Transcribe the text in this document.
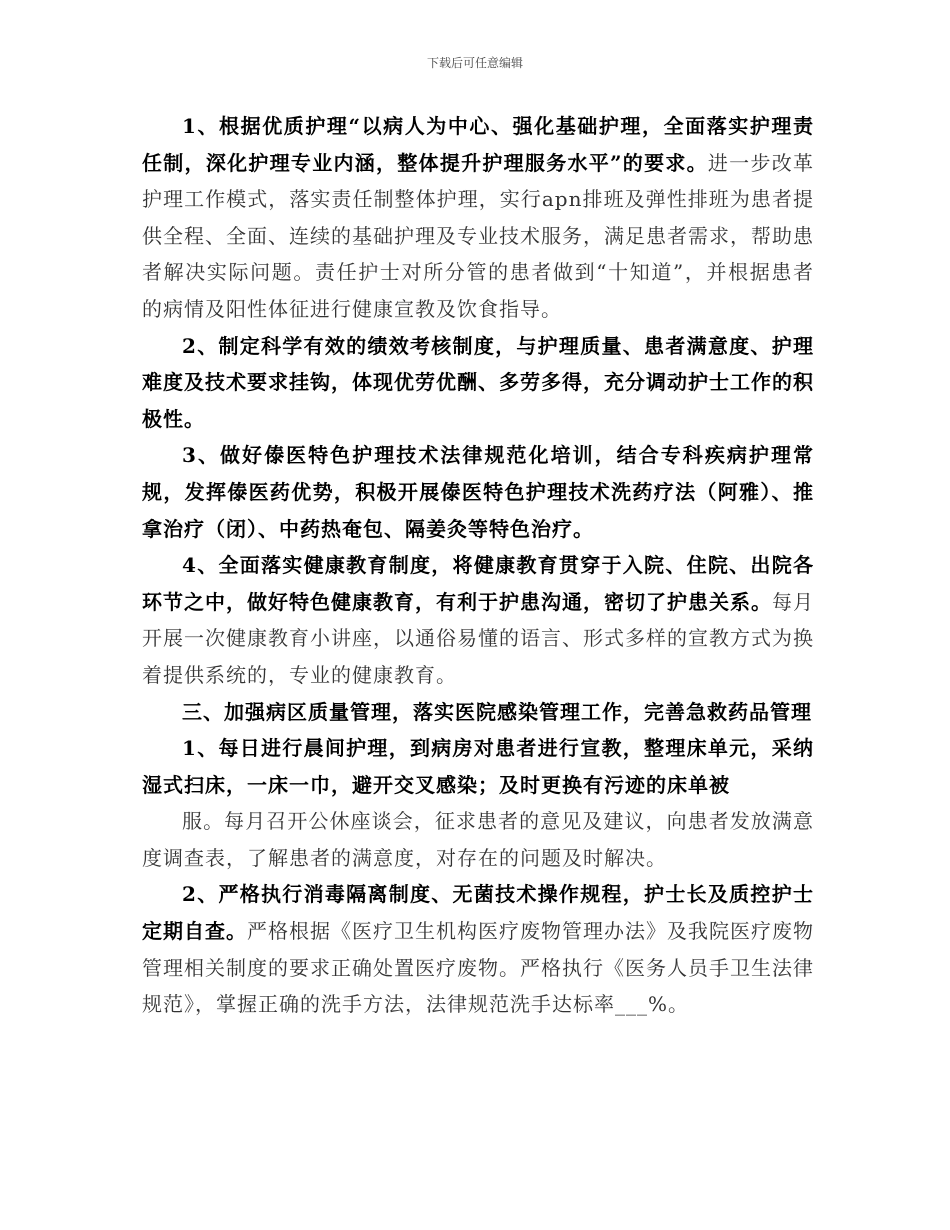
下载后可任意编辑

1、根据优质护理“以病人为中心、强化基础护理，全面落实护理责任制，深化护理专业内涵，整体提升护理服务水平”的要求。进一步改革护理工作模式，落实责任制整体护理，实行apn排班及弹性排班为患者提供全程、全面、连续的基础护理及专业技术服务，满足患者需求，帮助患者解决实际问题。责任护士对所分管的患者做到“十知道”，并根据患者的病情及阳性体征进行健康宣教及饮食指导。

2、制定科学有效的绩效考核制度，与护理质量、患者满意度、护理难度及技术要求挂钩，体现优劳优酬、多劳多得，充分调动护士工作的积极性。

3、做好傣医特色护理技术法律规范化培训，结合专科疾病护理常规，发挥傣医药优势，积极开展傣医特色护理技术洗药疗法（阿雅）、推拿治疗（闭）、中药热奄包、隔姜灸等特色治疗。

4、全面落实健康教育制度，将健康教育贯穿于入院、住院、出院各环节之中，做好特色健康教育，有利于护患沟通，密切了护患关系。每月开展一次健康教育小讲座，以通俗易懂的语言、形式多样的宣教方式为换着提供系统的，专业的健康教育。

三、加强病区质量管理，落实医院感染管理工作，完善急救药品管理

1、每日进行晨间护理，到病房对患者进行宣教，整理床单元，采纳湿式扫床，一床一巾，避开交叉感染；及时更换有污迹的床单被

服。每月召开公休座谈会，征求患者的意见及建议，向患者发放满意度调查表，了解患者的满意度，对存在的问题及时解决。

2、严格执行消毒隔离制度、无菌技术操作规程，护士长及质控护士定期自查。严格根据《医疗卫生机构医疗废物管理办法》及我院医疗废物管理相关制度的要求正确处置医疗废物。严格执行《医务人员手卫生法律规范》，掌握正确的洗手方法，法律规范洗手达标率___%。
